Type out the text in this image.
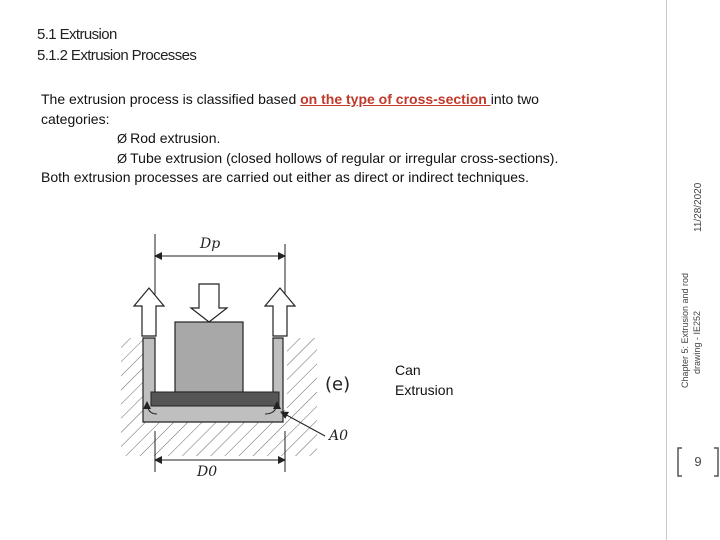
5.1 Extrusion
5.1.2 Extrusion Processes
The extrusion process is classified based on the type of cross-section into two
categories:
Ø Rod extrusion.
Ø Tube extrusion (closed hollows of regular or irregular cross-sections).
Both extrusion processes are carried out either as direct or indirect techniques.
Dp
(e)
A0
D0
Can
Extrusion
Chapter 5: Extrusion and rod drawing - IE252
11/28/2020
9
